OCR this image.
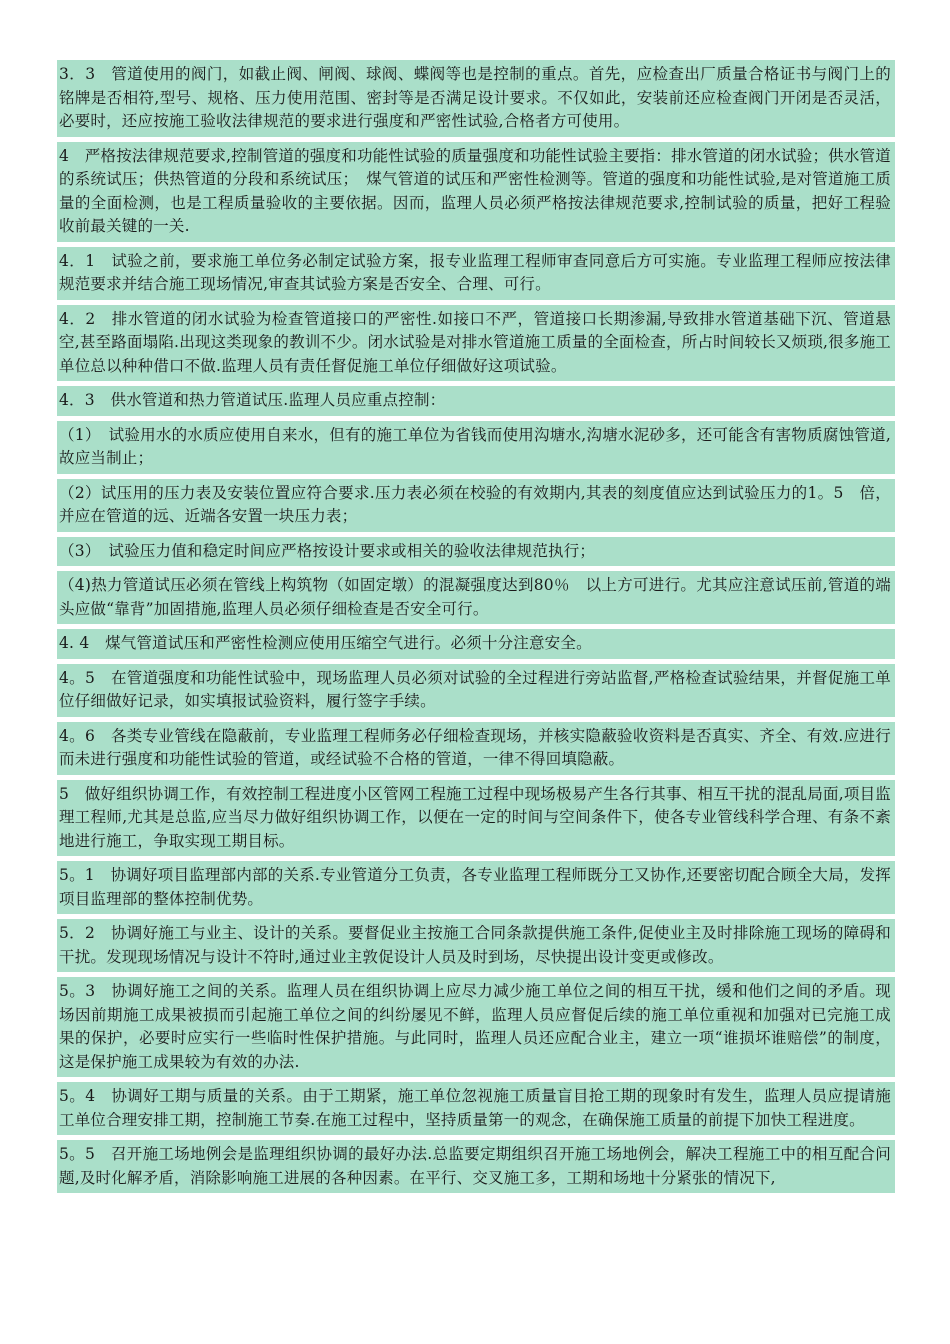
3．3　管道使用的阀门，如截止阀、闸阀、球阀、蝶阀等也是控制的重点。首先，应检查出厂质量合格证书与阀门上的铭牌是否相符,型号、规格、压力使用范围、密封等是否满足设计要求。不仅如此，安装前还应检查阀门开闭是否灵活，必要时，还应按施工验收法律规范的要求进行强度和严密性试验,合格者方可使用。

4　严格按法律规范要求,控制管道的强度和功能性试验的质量强度和功能性试验主要指：排水管道的闭水试验；供水管道的系统试压；供热管道的分段和系统试压；　煤气管道的试压和严密性检测等。管道的强度和功能性试验,是对管道施工质量的全面检测，也是工程质量验收的主要依据。因而，监理人员必须严格按法律规范要求,控制试验的质量，把好工程验收前最关键的一关.

4．1　试验之前，要求施工单位务必制定试验方案，报专业监理工程师审查同意后方可实施。专业监理工程师应按法律规范要求并结合施工现场情况,审查其试验方案是否安全、合理、可行。

4．2　排水管道的闭水试验为检查管道接口的严密性.如接口不严，管道接口长期渗漏,导致排水管道基础下沉、管道悬空,甚至路面塌陷.出现这类现象的教训不少。闭水试验是对排水管道施工质量的全面检查，所占时间较长又烦琐,很多施工单位总以种种借口不做.监理人员有责任督促施工单位仔细做好这项试验。

4．3　供水管道和热力管道试压.监理人员应重点控制：

（1）　试验用水的水质应使用自来水，但有的施工单位为省钱而使用沟塘水,沟塘水泥砂多，还可能含有害物质腐蚀管道,故应当制止；

（2）试压用的压力表及安装位置应符合要求.压力表必须在校验的有效期内,其表的刻度值应达到试验压力的1。5　倍，并应在管道的远、近端各安置一块压力表；

（3）　试验压力值和稳定时间应严格按设计要求或相关的验收法律规范执行；

（4)热力管道试压必须在管线上构筑物（如固定墩）的混凝强度达到80％　以上方可进行。尤其应注意试压前,管道的端头应做“靠背”加固措施,监理人员必须仔细检查是否安全可行。

4. 4　煤气管道试压和严密性检测应使用压缩空气进行。必须十分注意安全。

4。5　在管道强度和功能性试验中，现场监理人员必须对试验的全过程进行旁站监督,严格检查试验结果，并督促施工单位仔细做好记录，如实填报试验资料，履行签字手续。

4。6　各类专业管线在隐蔽前，专业监理工程师务必仔细检查现场，并核实隐蔽验收资料是否真实、齐全、有效.应进行而未进行强度和功能性试验的管道，或经试验不合格的管道，一律不得回填隐蔽。

5　做好组织协调工作，有效控制工程进度小区管网工程施工过程中现场极易产生各行其事、相互干扰的混乱局面,项目监理工程师,尤其是总监,应当尽力做好组织协调工作，以便在一定的时间与空间条件下，使各专业管线科学合理、有条不紊地进行施工，争取实现工期目标。

5。1　协调好项目监理部内部的关系.专业管道分工负责，各专业监理工程师既分工又协作,还要密切配合顾全大局，发挥项目监理部的整体控制优势。

5．2　协调好施工与业主、设计的关系。要督促业主按施工合同条款提供施工条件,促使业主及时排除施工现场的障碍和干扰。发现现场情况与设计不符时,通过业主敦促设计人员及时到场，尽快提出设计变更或修改。

5。3　协调好施工之间的关系。监理人员在组织协调上应尽力减少施工单位之间的相互干扰，缓和他们之间的矛盾。现场因前期施工成果被损而引起施工单位之间的纠纷屡见不鲜，监理人员应督促后续的施工单位重视和加强对已完施工成果的保护，必要时应实行一些临时性保护措施。与此同时，监理人员还应配合业主，建立一项“谁损坏谁赔偿”的制度，这是保护施工成果较为有效的办法.

5。4　协调好工期与质量的关系。由于工期紧，施工单位忽视施工质量盲目抢工期的现象时有发生，监理人员应提请施工单位合理安排工期，控制施工节奏.在施工过程中，坚持质量第一的观念，在确保施工质量的前提下加快工程进度。

5。5　召开施工场地例会是监理组织协调的最好办法.总监要定期组织召开施工场地例会，解决工程施工中的相互配合问题,及时化解矛盾，消除影响施工进展的各种因素。在平行、交叉施工多，工期和场地十分紧张的情况下,
